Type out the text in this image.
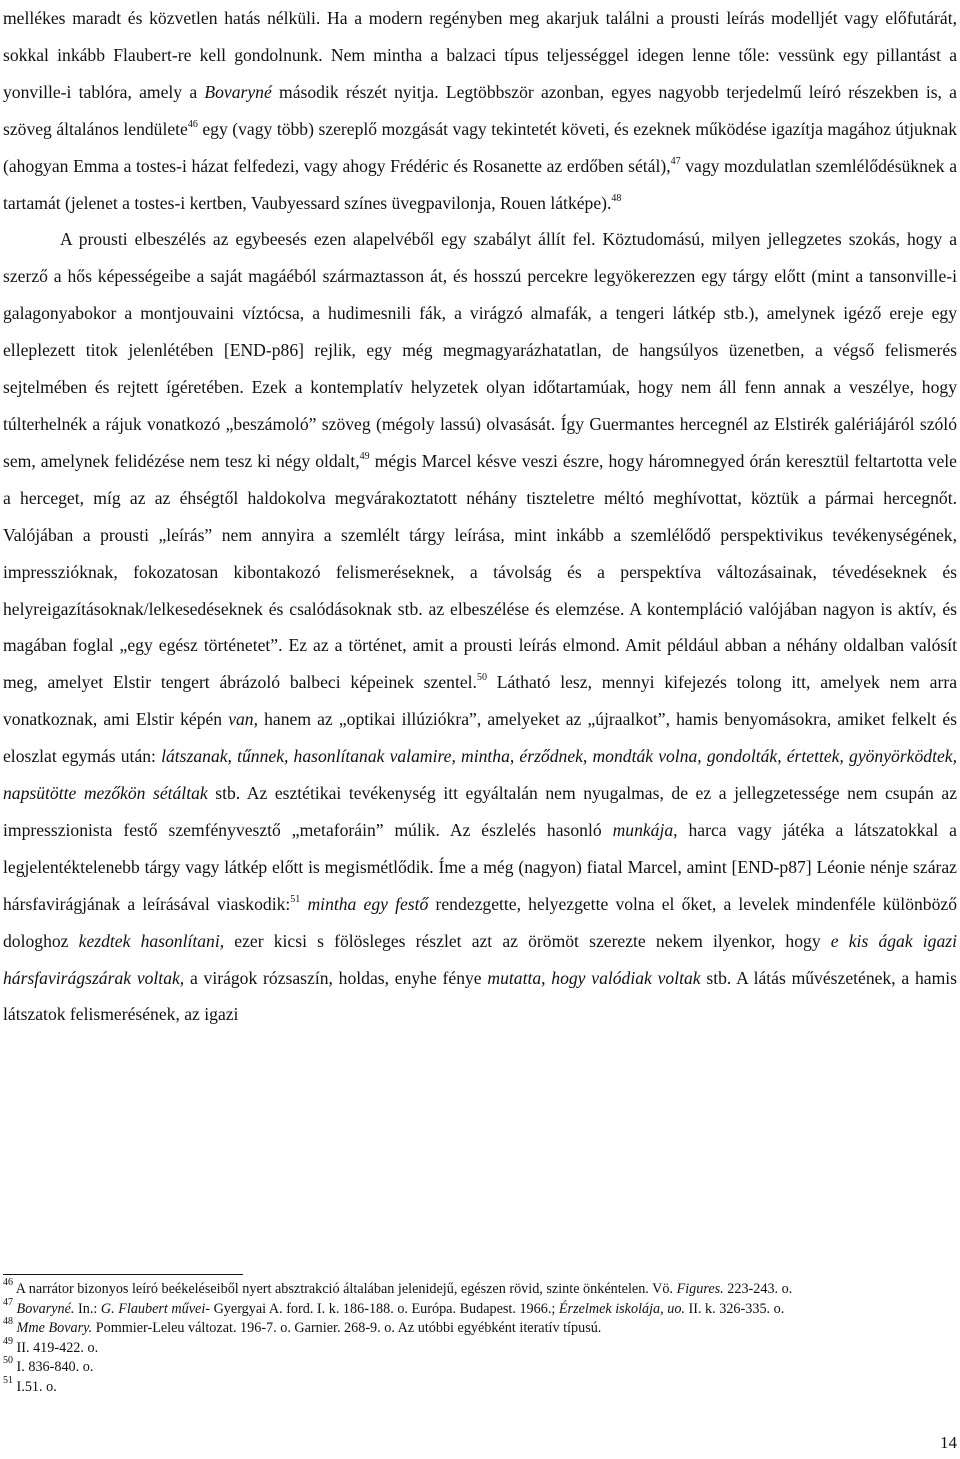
mellékes maradt és közvetlen hatás nélküli. Ha a modern regényben meg akarjuk találni a prousti leírás modelljét vagy előfutárát, sokkal inkább Flaubert-re kell gondolnunk. Nem mintha a balzaci típus teljességgel idegen lenne tőle: vessünk egy pillantást a yonville-i tablóra, amely a Bovaryné második részét nyitja. Legtöbbször azonban, egyes nagyobb terjedelmű leíró részekben is, a szöveg általános lendülete$^{46}$ egy (vagy több) szereplő mozgását vagy tekintetét követi, és ezeknek működése igazítja magához útjuknak (ahogyan Emma a tostes-i házat felfedezi, vagy ahogy Frédéric és Rosanette az erdőben sétál),$^{47}$ vagy mozdulatlan szemlélődésüknek a tartamát (jelenet a tostes-i kertben, Vaubyessard színes üvegpavilonja, Rouen látképe).$^{48}$

A prousti elbeszélés az egybeesés ezen alapelvéből egy szabályt állít fel. Köztudomású, milyen jellegzetes szokás, hogy a szerző a hős képességeibe a saját magáéból származtasson át, és hosszú percekre legyökerezzen egy tárgy előtt (mint a tansonville-i galagonyabokor a montjouvaini víztócsa, a hudimesnili fák, a virágzó almafák, a tengeri látkép stb.), amelynek igéző ereje egy elleplezett titok jelenlétében [END-p86] rejlik, egy még megmagyarázhatatlan, de hangsúlyos üzenetben, a végső felismerés sejtelmében és rejtett ígéretében. Ezek a kontemplatív helyzetek olyan időtartamúak, hogy nem áll fenn annak a veszélye, hogy túlterhelnék a rájuk vonatkozó „beszámoló” szöveg (mégoly lassú) olvasását. Így Guermantes hercegnél az Elstirék galériájáról szóló sem, amelynek felidézése nem tesz ki négy oldalt,$^{49}$ mégis Marcel késve veszi észre, hogy háromnegyed órán keresztül feltartotta vele a herceget, míg az az éhségtől haldokolva megvárakoztatott néhány tiszteletre méltó meghívottat, köztük a pármai hercegnőt. Valójában a prousti „leírás” nem annyira a szemlélt tárgy leírása, mint inkább a szemlélődő perspektivikus tevékenységének, impresszióknak, fokozatosan kibontakozó felismeréseknek, a távolság és a perspektíva változásainak, tévedéseknek és helyreigazításoknak/lelkesedéseknek és csalódásoknak stb. az elbeszélése és elemzése. A kontempláció valójában nagyon is aktív, és magában foglal „egy egész történetet”. Ez az a történet, amit a prousti leírás elmond. Amit például abban a néhány oldalban valósít meg, amelyet Elstir tengert ábrázoló balbeci képeinek szentel.$^{50}$ Látható lesz, mennyi kifejezés tolong itt, amelyek nem arra vonatkoznak, ami Elstir képén van, hanem az „optikai illúziókra”, amelyeket az „újraalkot”, hamis benyomásokra, amiket felkelt és eloszlat egymás után: látszanak, tűnnek, hasonlítanak valamire, mintha, érződnek, mondták volna, gondolták, értettek, gyönyörködtek, napsütötte mezőkön sétáltak stb. Az esztétikai tevékenység itt egyáltalán nem nyugalmas, de ez a jellegzetessége nem csupán az impresszionista festő szemfényvesztő „metaforáin” múlik. Az észlelés hasonló munkája, harca vagy játéka a látszatokkal a legjelentéktelenebb tárgy vagy látkép előtt is megismétlődik. Íme a még (nagyon) fiatal Marcel, amint [END-p87] Léonie nénje száraz hársfavirágjának a leírásával viaskodik:$^{51}$ mintha egy festő rendezgette, helyezgette volna el őket, a levelek mindenféle különböző dologhoz kezdtek hasonlítani, ezer kicsi s fölösleges részlet azt az örömöt szerezte nekem ilyenkor, hogy e kis ágak igazi hársfavirágszárak voltak, a virágok rózsaszín, holdas, enyhe fénye mutatta, hogy valódiak voltak stb. A látás művészetének, a hamis látszatok felismerésének, az igazi

$^{46}$ A narrátor bizonyos leíró beékeléseiből nyert absztrakció általában jelenidejű, egészen rövid, szinte önkéntelen. Vö. Figures. 223-243. o.

$^{47}$ Bovaryné. In.: G. Flaubert művei- Gyergyai A. ford. I. k. 186-188. o. Európa. Budapest. 1966.; Érzelmek iskolája, uo. II. k. 326-335. o.

$^{48}$ Mme Bovary. Pommier-Leleu változat. 196-7. o. Garnier. 268-9. o. Az utóbbi egyébként iteratív típusú.

$^{49}$ II. 419-422. o.

$^{50}$ I. 836-840. o.

$^{51}$ I.51. o.

14
